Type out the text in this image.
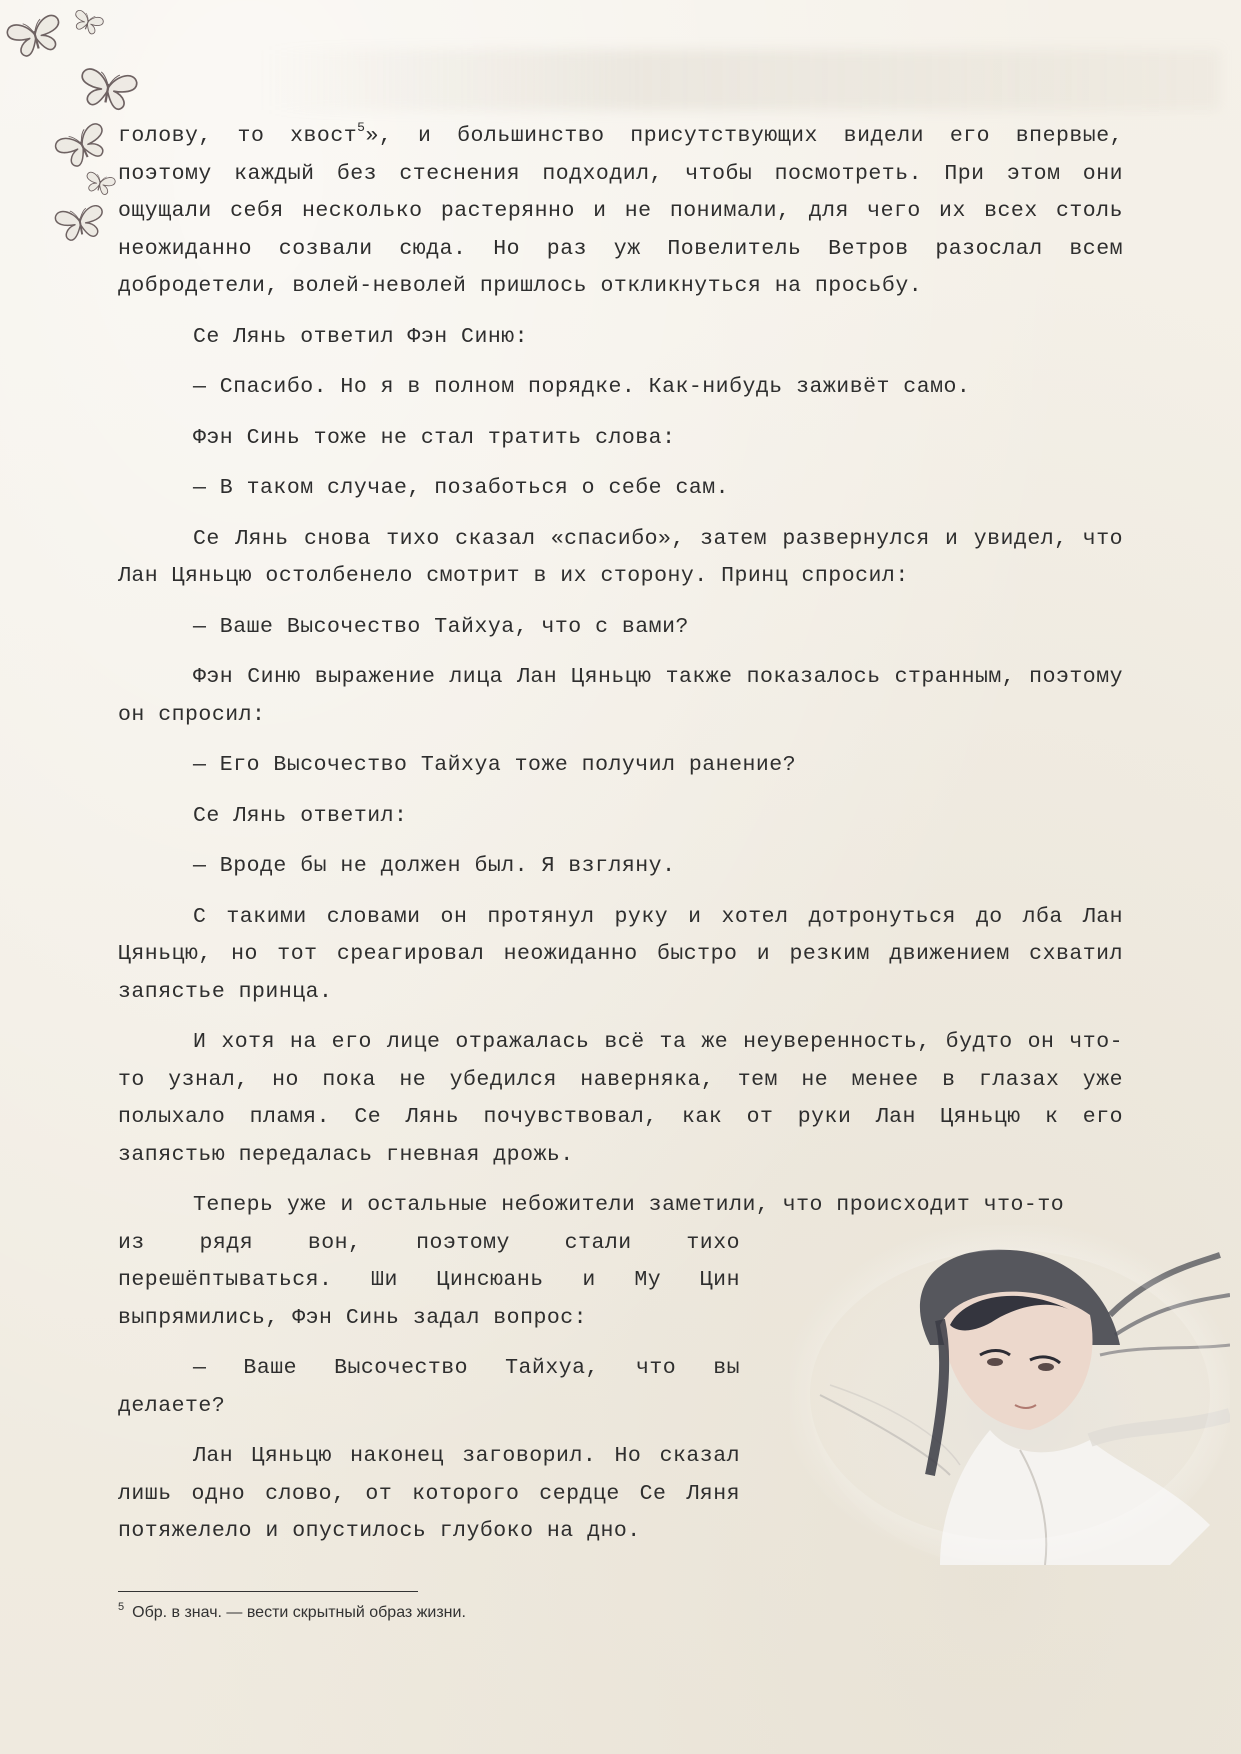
голову, то хвост$^5$», и большинство присутствующих видели его впервые, поэтому каждый без стеснения подходил, чтобы посмотреть. При этом они ощущали себя несколько растерянно и не понимали, для чего их всех столь неожиданно созвали сюда. Но раз уж Повелитель Ветров разослал всем добродетели, волей-неволей пришлось откликнуться на просьбу.

Се Лянь ответил Фэн Синю:

— Спасибо. Но я в полном порядке. Как-нибудь заживёт само.

Фэн Синь тоже не стал тратить слова:

— В таком случае, позаботься о себе сам.

Се Лянь снова тихо сказал «спасибо», затем развернулся и увидел, что Лан Цяньцю остолбенело смотрит в их сторону. Принц спросил:

— Ваше Высочество Тайхуа, что с вами?

Фэн Синю выражение лица Лан Цяньцю также показалось странным, поэтому он спросил:

— Его Высочество Тайхуа тоже получил ранение?

Се Лянь ответил:

— Вроде бы не должен был. Я взгляну.

С такими словами он протянул руку и хотел дотронуться до лба Лан Цяньцю, но тот среагировал неожиданно быстро и резким движением схватил запястье принца.

И хотя на его лице отражалась всё та же неуверенность, будто он что-то узнал, но пока не убедился наверняка, тем не менее в глазах уже полыхало пламя. Се Лянь почувствовал, как от руки Лан Цяньцю к его запястью передалась гневная дрожь.

Теперь уже и остальные небожители заметили, что происходит что-то

из рядя вон, поэтому стали тихо перешёптываться. Ши Цинсюань и Му Цин выпрямились, Фэн Синь задал вопрос:

— Ваше Высочество Тайхуа, что вы делаете?

Лан Цяньцю наконец заговорил. Но сказал лишь одно слово, от которого сердце Се Ляня потяжелело и опустилось глубоко на дно.

$^5$ Обр. в знач. — вести скрытный образ жизни.
